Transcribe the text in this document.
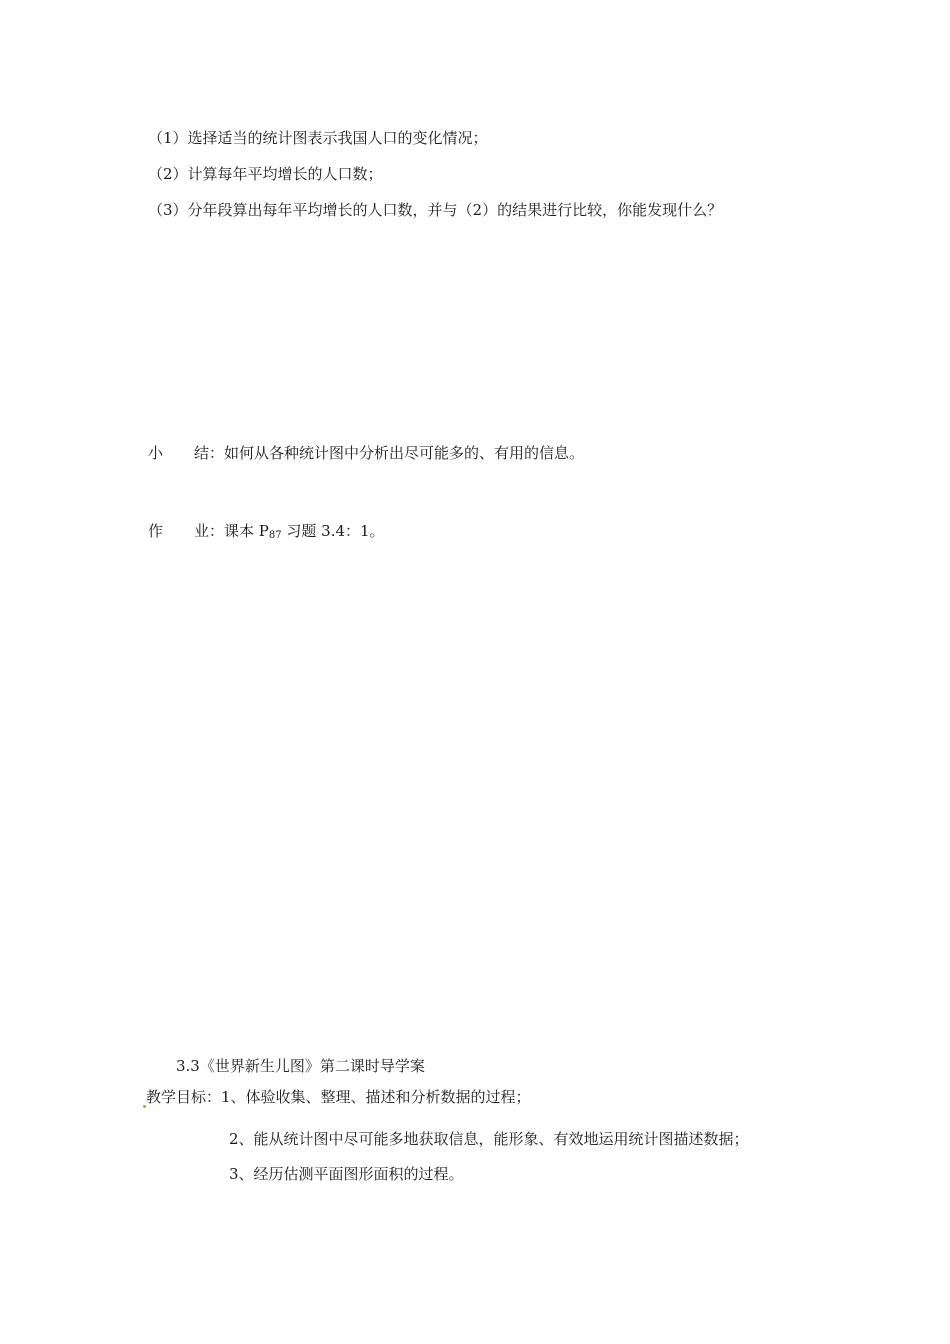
（1）选择适当的统计图表示我国人口的变化情况；
（2）计算每年平均增长的人口数；
（3）分年段算出每年平均增长的人口数，并与（2）的结果进行比较，你能发现什么？
小 结：如何从各种统计图中分析出尽可能多的、有用的信息。
作 业：课本 $P_{87}$ 习题 3.4：1。
3.3《世界新生儿图》第二课时导学案
教学目标：1、体验收集、整理、描述和分析数据的过程；
2、能从统计图中尽可能多地获取信息，能形象、有效地运用统计图描述数据；
3、经历估测平面图形面积的过程。
